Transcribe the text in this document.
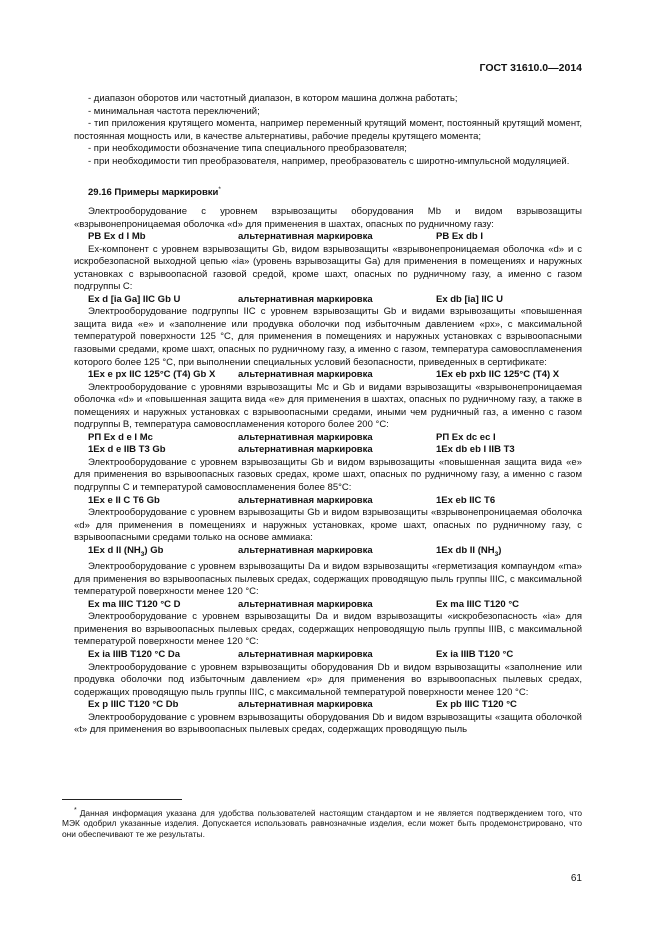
ГОСТ 31610.0—2014

- диапазон оборотов или частотный диапазон, в котором машина должна работать;

- минимальная частота переключений;

- тип приложения крутящего момента, например переменный крутящий момент, постоянный крутящий момент, постоянная мощность или, в качестве альтернативы, рабочие пределы крутящего момента;

- при необходимости обозначение типа специального преобразователя;

- при необходимости тип преобразователя, например, преобразователь с широтно-импульсной модуляцией.

29.16 Примеры маркировки*

Электрооборудование с уровнем взрывозащиты оборудования Mb и видом взрывозащиты «взрывонепроницаемая оболочка «d» для применения в шахтах, опасных по рудничному газу:

PB Ex d I Mb	альтернативная маркировка	PB Ex db I

Ex-компонент с уровнем взрывозащиты Gb, видом взрывозащиты «взрывонепроницаемая оболочка «d» и с искробезопасной выходной цепью «ia» (уровень взрывозащиты Ga) для применения в помещениях и наружных установках с взрывоопасной газовой средой, кроме шахт, опасных по рудничному газу, а именно с газом подгруппы С:

Ex d [ia Ga] IIC Gb U	альтернативная маркировка	Ex db [ia] IIC U

Электрооборудование подгруппы IIC с уровнем взрывозащиты Gb и видами взрывозащиты «повышенная защита вида «е» и «заполнение или продувка оболочки под избыточным давлением «рх», с максимальной температурой поверхности 125 °С, для применения в помещениях и наружных установках с взрывоопасными газовыми средами, кроме шахт, опасных по рудничному газу, а именно с газом, температура самовоспламенения которого более 125 °С, при выполнении специальных условий безопасности, приведенных в сертификате:

1Ex e px IIC 125°C (T4) Gb X	альтернативная маркировка	1Ex eb pxb IIC 125°C (T4) X

Электрооборудование с уровнями взрывозащиты Mc и Gb и видами взрывозащиты «взрывонепроницаемая оболочка «d» и «повышенная защита вида «е» для применения в шахтах, опасных по рудничному газу, а также в помещениях и наружных установках с взрывоопасными средами, иными чем рудничный газ, а именно с газом подгруппы В, температура самовоспламенения которого более 200 °С:

РП Ex d e I Mc	альтернативная маркировка	РП Ex dc ec I
1Ex d e IIB T3 Gb	альтернативная маркировка	1Ex db eb I IIB T3

Электрооборудование с уровнем взрывозащиты Gb и видом взрывозащиты «повышенная защита вида «е» для применения во взрывоопасных газовых средах, кроме шахт, опасных по рудничному газу, а именно с газом подгруппы С и температурой самовоспламенения более 85°С:

1Ex e II C T6 Gb	альтернативная маркировка	1Ex eb IIC T6

Электрооборудование с уровнем взрывозащиты Gb и видом взрывозащиты «взрывонепроницаемая оболочка «d» для применения в помещениях и наружных установках, кроме шахт, опасных по рудничному газу, с взрывоопасными средами только на основе аммиака:

1Ex d II $(NH_3)$ Gb	альтернативная маркировка	1Ex db II $(NH_3)$

Электрооборудование с уровнем взрывозащиты Da и видом взрывозащиты «герметизация компаундом «ma» для применения во взрывоопасных пылевых средах, содержащих проводящую пыль группы IIIC, с максимальной температурой поверхности менее 120 °С:

Ex ma IIIC T120 °C D	альтернативная маркировка	Ex ma IIIC T120 °C

Электрооборудование с уровнем взрывозащиты Da и видом взрывозащиты «искробезопасность «ia» для применения во взрывоопасных пылевых средах, содержащих непроводящую пыль группы IIIB, с максимальной температурой поверхности менее 120 °С:

Ex ia IIIB T120 °C Da	альтернативная маркировка	Ex ia IIIB T120 °C

Электрооборудование с уровнем взрывозащиты оборудования Db и видом взрывозащиты «заполнение или продувка оболочки под избыточным давлением «р» для применения во взрывоопасных пылевых средах, содержащих проводящую пыль группы IIIC, с максимальной температурой поверхности менее 120 °С:

Ex p IIIC T120 °C Db	альтернативная маркировка	Ex pb IIIC T120 °C

Электрооборудование с уровнем взрывозащиты оборудования Db и видом взрывозащиты «защита оболочкой «t» для применения во взрывоопасных пылевых средах, содержащих проводящую пыль

* Данная информация указана для удобства пользователей настоящим стандартом и не является подтверждением того, что МЭК одобрил указанные изделия. Допускается использовать равнозначные изделия, если может быть продемонстрировано, что они обеспечивают те же результаты.
61
